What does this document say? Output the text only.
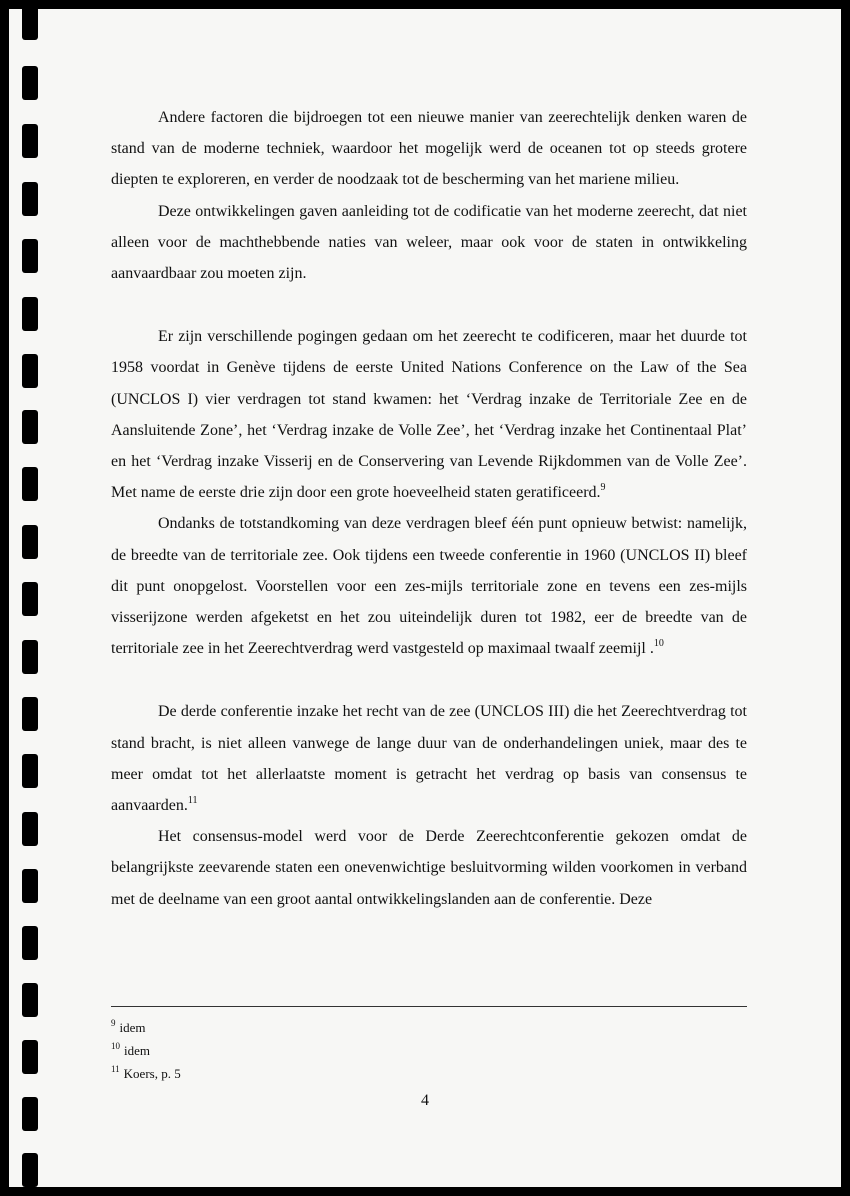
Andere factoren die bijdroegen tot een nieuwe manier van zeerechtelijk denken waren de stand van de moderne techniek, waardoor het mogelijk werd de oceanen tot op steeds grotere diepten te exploreren, en verder de noodzaak tot de bescherming van het mariene milieu.

Deze ontwikkelingen gaven aanleiding tot de codificatie van het moderne zeerecht, dat niet alleen voor de machthebbende naties van weleer, maar ook voor de staten in ontwikkeling aanvaardbaar zou moeten zijn.

Er zijn verschillende pogingen gedaan om het zeerecht te codificeren, maar het duurde tot 1958 voordat in Genève tijdens de eerste United Nations Conference on the Law of the Sea (UNCLOS I) vier verdragen tot stand kwamen: het ‘Verdrag inzake de Territoriale Zee en de Aansluitende Zone’, het ‘Verdrag inzake de Volle Zee’, het ‘Verdrag inzake het Continentaal Plat’ en het ‘Verdrag inzake Visserij en de Conservering van Levende Rijkdommen van de Volle Zee’. Met name de eerste drie zijn door een grote hoeveelheid staten geratificeerd.$^9$

Ondanks de totstandkoming van deze verdragen bleef één punt opnieuw betwist: namelijk, de breedte van de territoriale zee. Ook tijdens een tweede conferentie in 1960 (UNCLOS II) bleef dit punt onopgelost. Voorstellen voor een zes-mijls territoriale zone en tevens een zes-mijls visserijzone werden afgeketst en het zou uiteindelijk duren tot 1982, eer de breedte van de territoriale zee in het Zeerechtverdrag werd vastgesteld op maximaal twaalf zeemijl .$^{10}$

De derde conferentie inzake het recht van de zee (UNCLOS III) die het Zeerechtverdrag tot stand bracht, is niet alleen vanwege de lange duur van de onderhandelingen uniek, maar des te meer omdat tot het allerlaatste moment is getracht het verdrag op basis van consensus te aanvaarden.$^{11}$

Het consensus-model werd voor de Derde Zeerechtconferentie gekozen omdat de belangrijkste zeevarende staten een onevenwichtige besluitvorming wilden voorkomen in verband met de deelname van een groot aantal ontwikkelingslanden aan de conferentie. Deze

$^9$ idem
$^{10}$ idem
$^{11}$ Koers, p. 5
4
